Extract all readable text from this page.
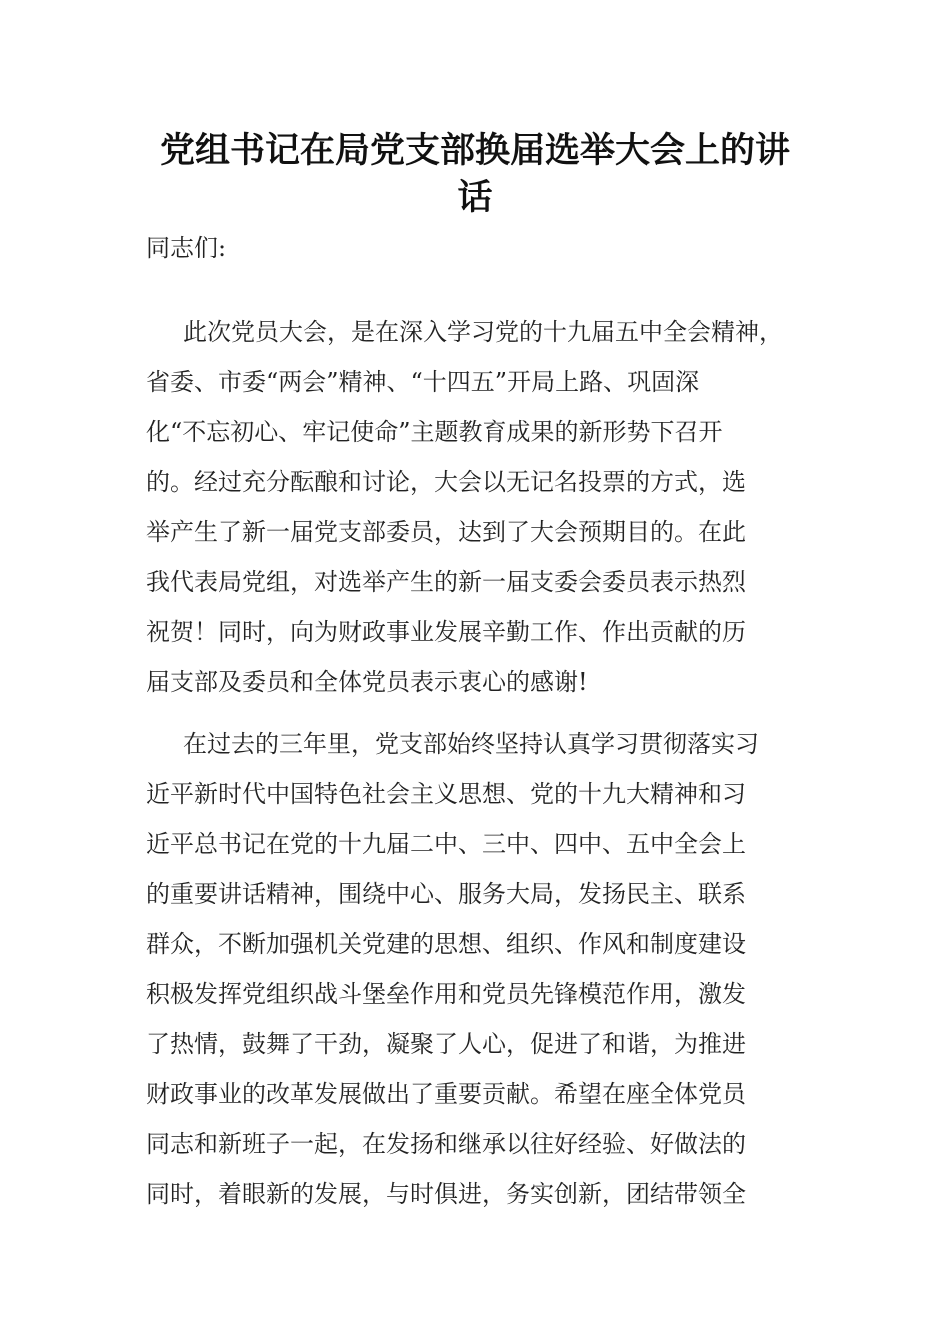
党组书记在局党支部换届选举大会上的讲
话
同志们:
此次党员大会，是在深入学习党的十九届五中全会精神，
省委、市委“两会”精神、“十四五”开局上路、巩固深
化“不忘初心、牢记使命”主题教育成果的新形势下召开
的。经过充分酝酿和讨论，大会以无记名投票的方式，选
举产生了新一届党支部委员，达到了大会预期目的。在此
我代表局党组，对选举产生的新一届支委会委员表示热烈
祝贺！同时，向为财政事业发展辛勤工作、作出贡献的历
届支部及委员和全体党员表示衷心的感谢!
在过去的三年里，党支部始终坚持认真学习贯彻落实习
近平新时代中国特色社会主义思想、党的十九大精神和习
近平总书记在党的十九届二中、三中、四中、五中全会上
的重要讲话精神，围绕中心、服务大局，发扬民主、联系
群众，不断加强机关党建的思想、组织、作风和制度建设
积极发挥党组织战斗堡垒作用和党员先锋模范作用，激发
了热情，鼓舞了干劲，凝聚了人心，促进了和谐，为推进
财政事业的改革发展做出了重要贡献。希望在座全体党员
同志和新班子一起，在发扬和继承以往好经验、好做法的
同时，着眼新的发展，与时俱进，务实创新，团结带领全
